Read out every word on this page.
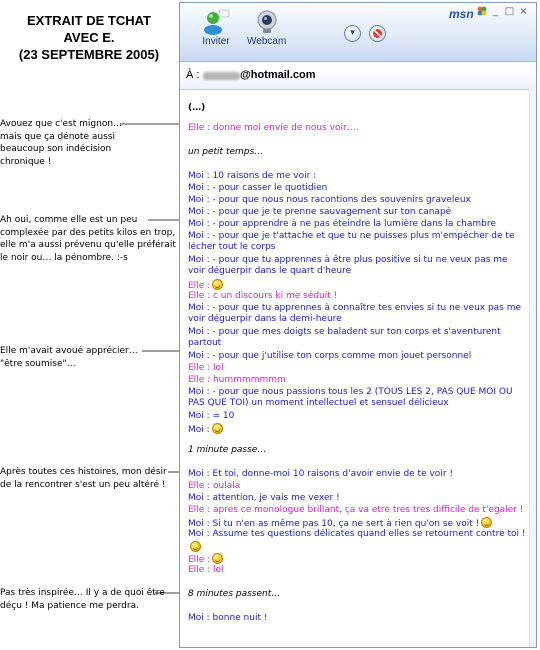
EXTRAIT DE TCHAT
AVEC E.
(23 SEPTEMBRE 2005)
Avouez que c'est mignon… mais que ça dénote aussi beaucoup son indécision chronique !
Ah oui, comme elle est un peu complexée par des petits kilos en trop, elle m'a aussi prévenu qu'elle préférait le noir ou… la pénombre. :-s
Elle m'avait avoué apprécier… "être soumise"…
Après toutes ces histoires, mon désir de la rencontrer s'est un peu altéré !
Pas très inspirée… Il y a de quoi être déçu ! Ma patience me perdra.
msn	_ □ ×
Inviter Webcam
▾
À :	@hotmail.com
(…)
Elle : donne moi envie de nous voir….
un petit temps…
Moi : 10 raisons de me voir :
Moi : - pour casser le quotidien
Moi : - pour que nous nous racontions des souvenirs graveleux
Moi : - pour que je te prenne sauvagement sur ton canapé
Moi : - pour apprendre à ne pas éteindre la lumière dans la chambre
Moi : - pour que je t'attache et que tu ne puisses plus m'empêcher de te lécher tout le corps
Moi : - pour que tu apprennes à être plus positive si tu ne veux pas me voir déguerpir dans le quart d'heure
Elle :
Elle : c un discours ki me séduit !
Moi : - pour que tu apprennes à connaître tes envies si tu ne veux pas me voir déguerpir dans la demi-heure
Moi : - pour que mes doigts se baladent sur ton corps et s'aventurent partout
Moi : - pour que j'utilise ton corps comme mon jouet personnel
Elle : lol
Elle : hummmmmmm
Moi : - pour que nous passions tous les 2 (TOUS LES 2, PAS QUE MOI OU PAS QUE TOI) un moment intellectuel et sensuel délicieux
Moi : = 10
Moi :
1 minute passe…
Moi : Et toi, donne-moi 10 raisons d'avoir envie de te voir !
Elle : oulala
Moi : attention, je vais me vexer !
Elle : apres ce monologue brillant, ça va etre tres tres difficile de t'egaler !
Moi : Si tu n'en as même pas 10, ça ne sert à rien qu'on se voit !
Moi : Assume tes questions délicates quand elles se retournent contre toi !
Elle :
Elle : lol
8 minutes passent…
Moi : bonne nuit !
